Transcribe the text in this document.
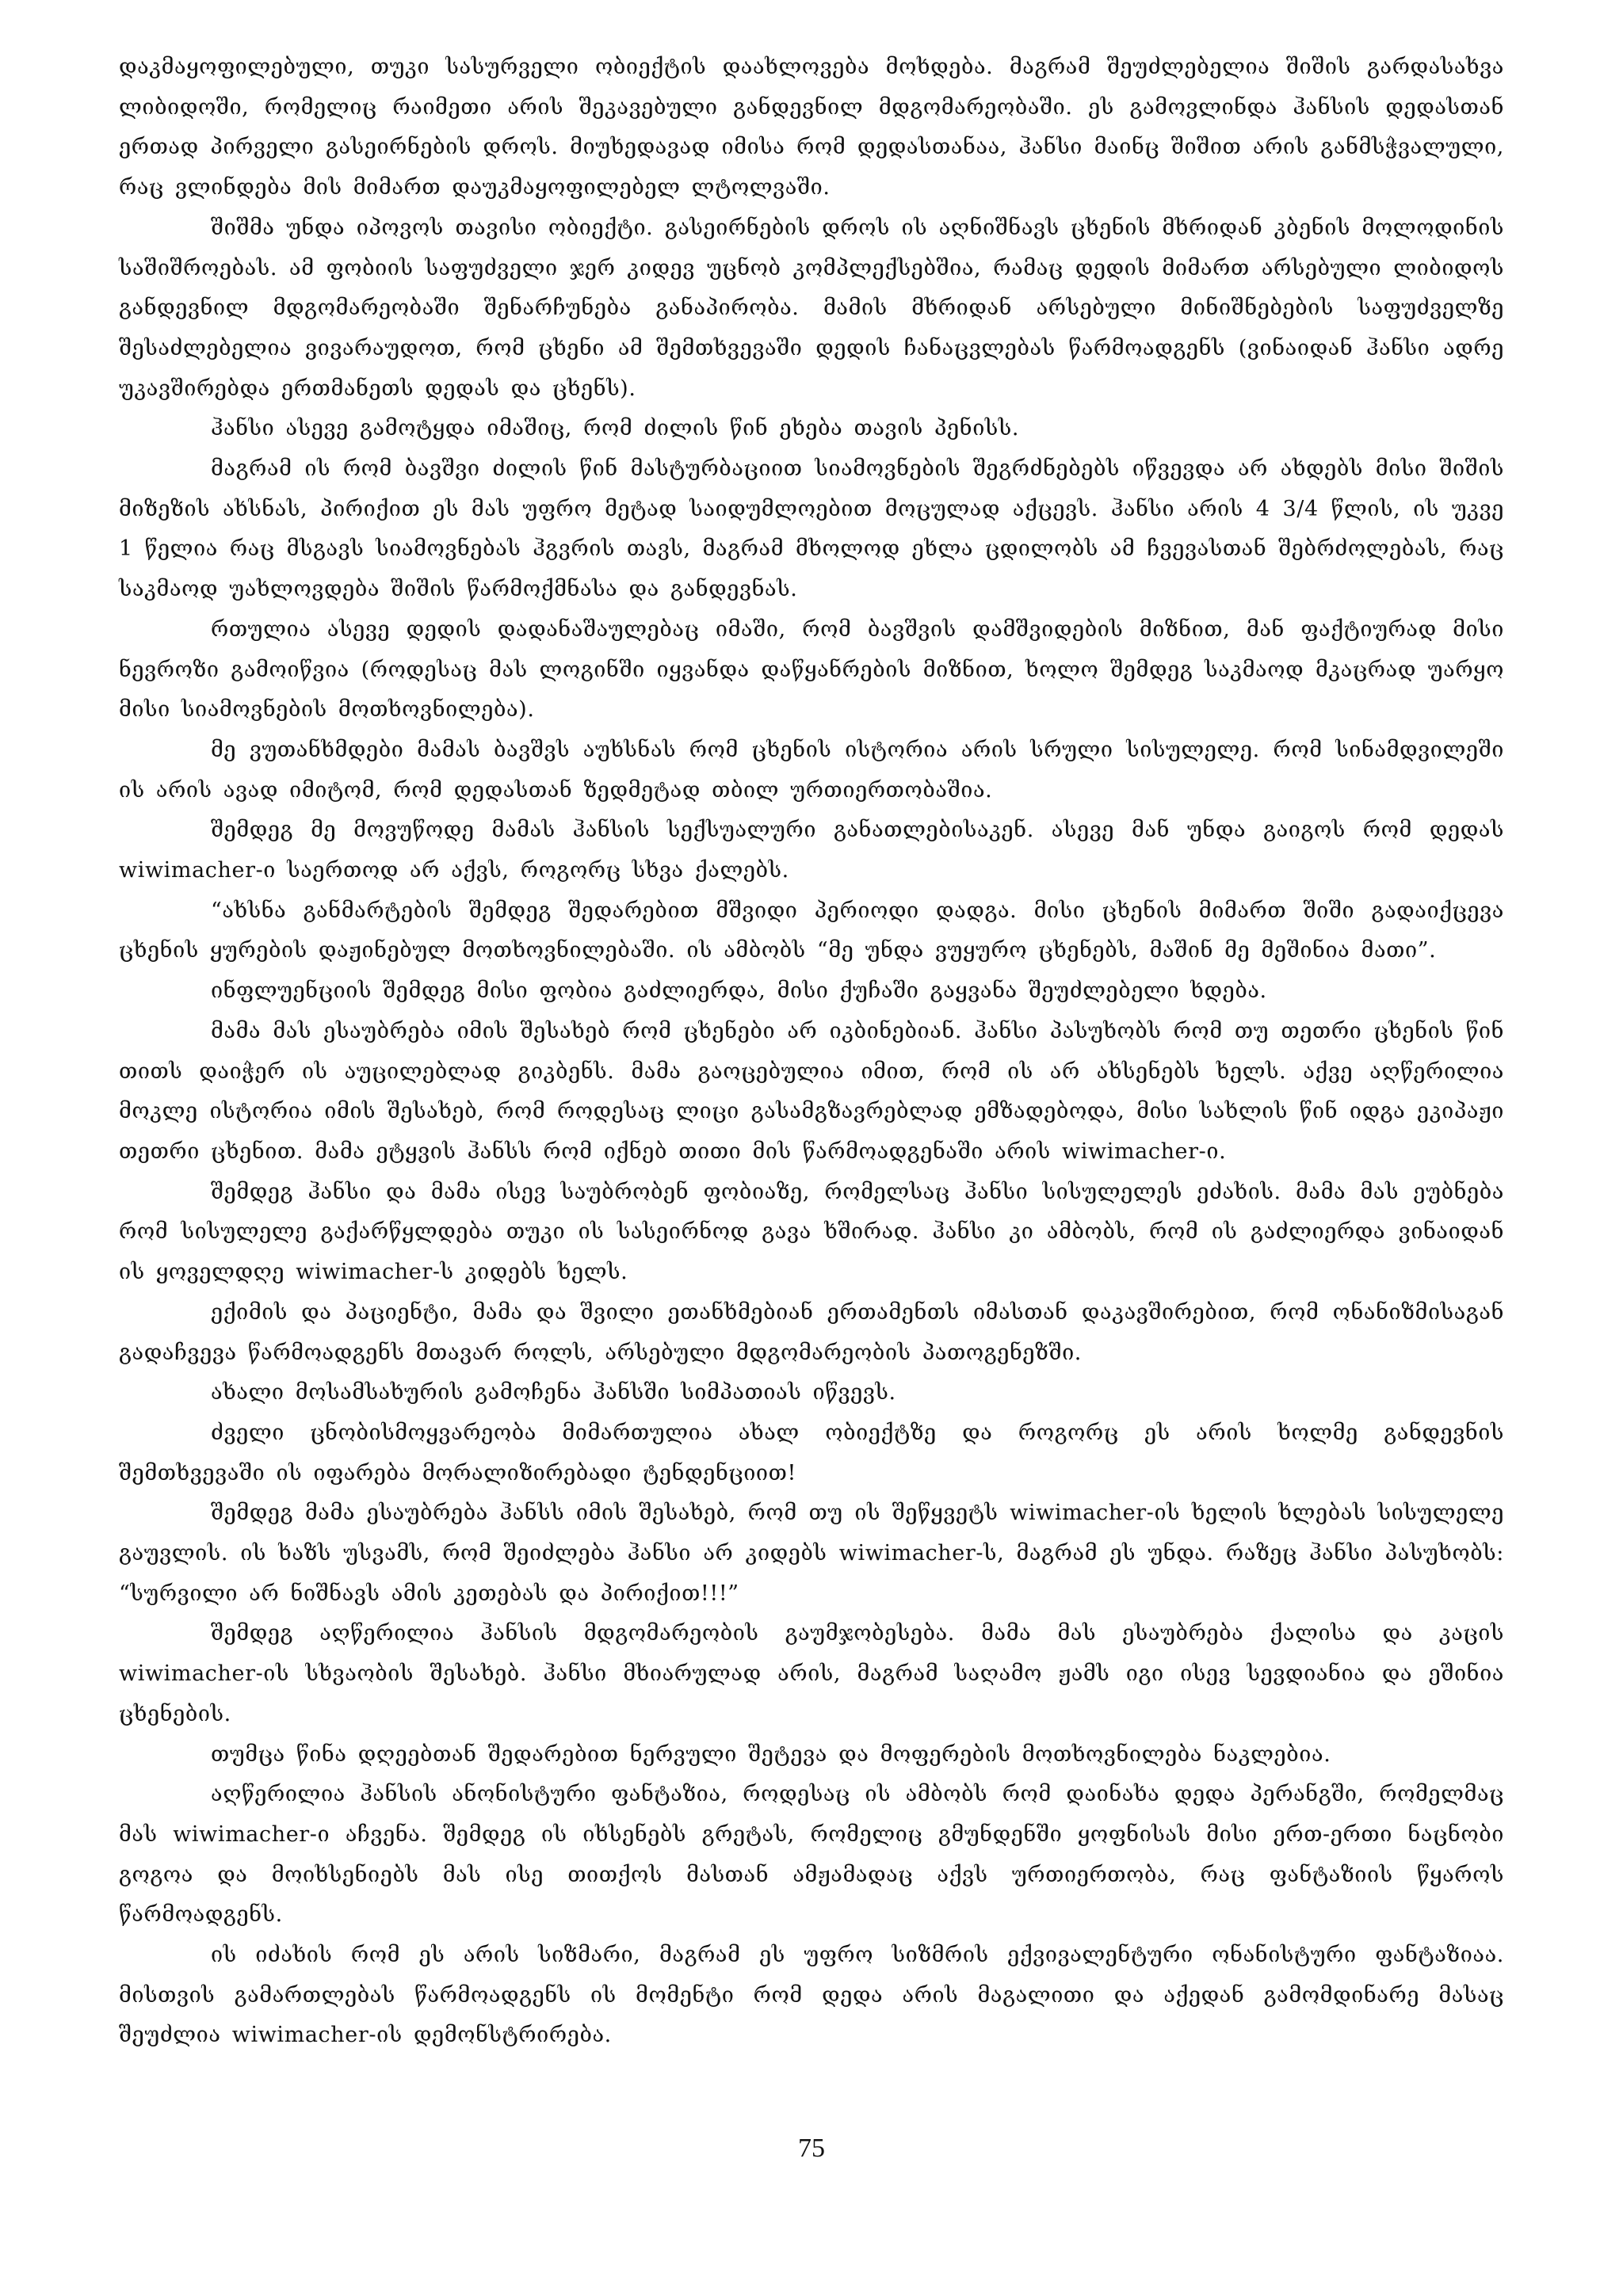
დაკმაყოფილებული, თუკი სასურველი ობიექტის დაახლოვება მოხდება. მაგრამ შეუძლებელია შიშის გარდასახვა ლიბიდოში, რომელიც რაიმეთი არის შეკავებული განდევნილ მდგომარეობაში. ეს გამოვლინდა ჰანსის დედასთან ერთად პირველი გასეირნების დროს. მიუხედავად იმისა რომ დედასთანაა, ჰანსი მაინც შიშით არის განმსჭვალული, რაც ვლინდება მის მიმართ დაუკმაყოფილებელ ლტოლვაში.

შიშმა უნდა იპოვოს თავისი ობიექტი. გასეირნების დროს ის აღნიშნავს ცხენის მხრიდან კბენის მოლოდინის საშიშროებას. ამ ფობიის საფუძველი ჯერ კიდევ უცნობ კომპლექსებშია, რამაც დედის მიმართ არსებული ლიბიდოს განდევნილ მდგომარეობაში შენარჩუნება განაპირობა. მამის მხრიდან არსებული მინიშნებების საფუძველზე შესაძლებელია ვივარაუდოთ, რომ ცხენი ამ შემთხვევაში დედის ჩანაცვლებას წარმოადგენს (ვინაიდან ჰანსი ადრე უკავშირებდა ერთმანეთს დედას და ცხენს).

ჰანსი ასევე გამოტყდა იმაშიც, რომ ძილის წინ ეხება თავის პენისს.

მაგრამ ის რომ ბავშვი ძილის წინ მასტურბაციით სიამოვნების შეგრძნებებს იწვევდა არ ახდებს მისი შიშის მიზეზის ახსნას, პირიქით ეს მას უფრო მეტად საიდუმლოებით მოცულად აქცევს. ჰანსი არის 4 3/4 წლის, ის უკვე 1 წელია რაც მსგავს სიამოვნებას ჰგვრის თავს, მაგრამ მხოლოდ ეხლა ცდილობს ამ ჩვევასთან შებრძოლებას, რაც საკმაოდ უახლოვდება შიშის წარმოქმნასა და განდევნას.

რთულია ასევე დედის დადანაშაულებაც იმაში, რომ ბავშვის დამშვიდების მიზნით, მან ფაქტიურად მისი ნევროზი გამოიწვია (როდესაც მას ლოგინში იყვანდა დაწყანრების მიზნით, ხოლო შემდეგ საკმაოდ მკაცრად უარყო მისი სიამოვნების მოთხოვნილება).

მე ვუთანხმდები მამას ბავშვს აუხსნას რომ ცხენის ისტორია არის სრული სისულელე. რომ სინამდვილეში ის არის ავად იმიტომ, რომ დედასთან ზედმეტად თბილ ურთიერთობაშია.

შემდეგ მე მოვუწოდე მამას ჰანსის სექსუალური განათლებისაკენ. ასევე მან უნდა გაიგოს რომ დედას wiwimacher-ი საერთოდ არ აქვს, როგორც სხვა ქალებს.

“ახსნა განმარტების შემდეგ შედარებით მშვიდი პერიოდი დადგა. მისი ცხენის მიმართ შიში გადაიქცევა ცხენის ყურების დაჟინებულ მოთხოვნილებაში. ის ამბობს “მე უნდა ვუყურო ცხენებს, მაშინ მე მეშინია მათი”.

ინფლუენციის შემდეგ მისი ფობია გაძლიერდა, მისი ქუჩაში გაყვანა შეუძლებელი ხდება.

მამა მას ესაუბრება იმის შესახებ რომ ცხენები არ იკბინებიან. ჰანსი პასუხობს რომ თუ თეთრი ცხენის წინ თითს დაიჭერ ის აუცილებლად გიკბენს. მამა გაოცებულია იმით, რომ ის არ ახსენებს ხელს. აქვე აღწერილია მოკლე ისტორია იმის შესახებ, რომ როდესაც ლიცი გასამგზავრებლად ემზადებოდა, მისი სახლის წინ იდგა ეკიპაჟი თეთრი ცხენით. მამა ეტყვის ჰანსს რომ იქნებ თითი მის წარმოადგენაში არის wiwimacher-ი.

შემდეგ ჰანსი და მამა ისევ საუბრობენ ფობიაზე, რომელსაც ჰანსი სისულელეს ეძახის. მამა მას ეუბნება რომ სისულელე გაქარწყლდება თუკი ის სასეირნოდ გავა ხშირად. ჰანსი კი ამბობს, რომ ის გაძლიერდა ვინაიდან ის ყოველდღე wiwimacher-ს კიდებს ხელს.

ექიმის და პაციენტი, მამა და შვილი ეთანხმებიან ერთამენთს იმასთან დაკავშირებით, რომ ონანიზმისაგან გადაჩვევა წარმოადგენს მთავარ როლს, არსებული მდგომარეობის პათოგენეზში.

ახალი მოსამსახურის გამოჩენა ჰანსში სიმპათიას იწვევს.

ძველი ცნობისმოყვარეობა მიმართულია ახალ ობიექტზე და როგორც ეს არის ხოლმე განდევნის შემთხვევაში ის იფარება მორალიზირებადი ტენდენციით!

შემდეგ მამა ესაუბრება ჰანსს იმის შესახებ, რომ თუ ის შეწყვეტს wiwimacher-ის ხელის ხლებას სისულელე გაუვლის. ის ხაზს უსვამს, რომ შეიძლება ჰანსი არ კიდებს wiwimacher-ს, მაგრამ ეს უნდა. რაზეც ჰანსი პასუხობს: “სურვილი არ ნიშნავს ამის კეთებას და პირიქით!!!”

შემდეგ აღწერილია ჰანსის მდგომარეობის გაუმჯობესება. მამა მას ესაუბრება ქალისა და კაცის wiwimacher-ის სხვაობის შესახებ. ჰანსი მხიარულად არის, მაგრამ საღამო ჟამს იგი ისევ სევდიანია და ეშინია ცხენების.

თუმცა წინა დღეებთან შედარებით ნერვული შეტევა და მოფერების მოთხოვნილება ნაკლებია.

აღწერილია ჰანსის ანონისტური ფანტაზია, როდესაც ის ამბობს რომ დაინახა დედა პერანგში, რომელმაც მას wiwimacher-ი აჩვენა. შემდეგ ის იხსენებს გრეტას, რომელიც გმუნდენში ყოფნისას მისი ერთ-ერთი ნაცნობი გოგოა და მოიხსენიებს მას ისე თითქოს მასთან ამჟამადაც აქვს ურთიერთობა, რაც ფანტაზიის წყაროს წარმოადგენს.

ის იძახის რომ ეს არის სიზმარი, მაგრამ ეს უფრო სიზმრის ექვივალენტური ონანისტური ფანტაზიაა. მისთვის გამართლებას წარმოადგენს ის მომენტი რომ დედა არის მაგალითი და აქედან გამომდინარე მასაც შეუძლია wiwimacher-ის დემონსტრირება.

75
